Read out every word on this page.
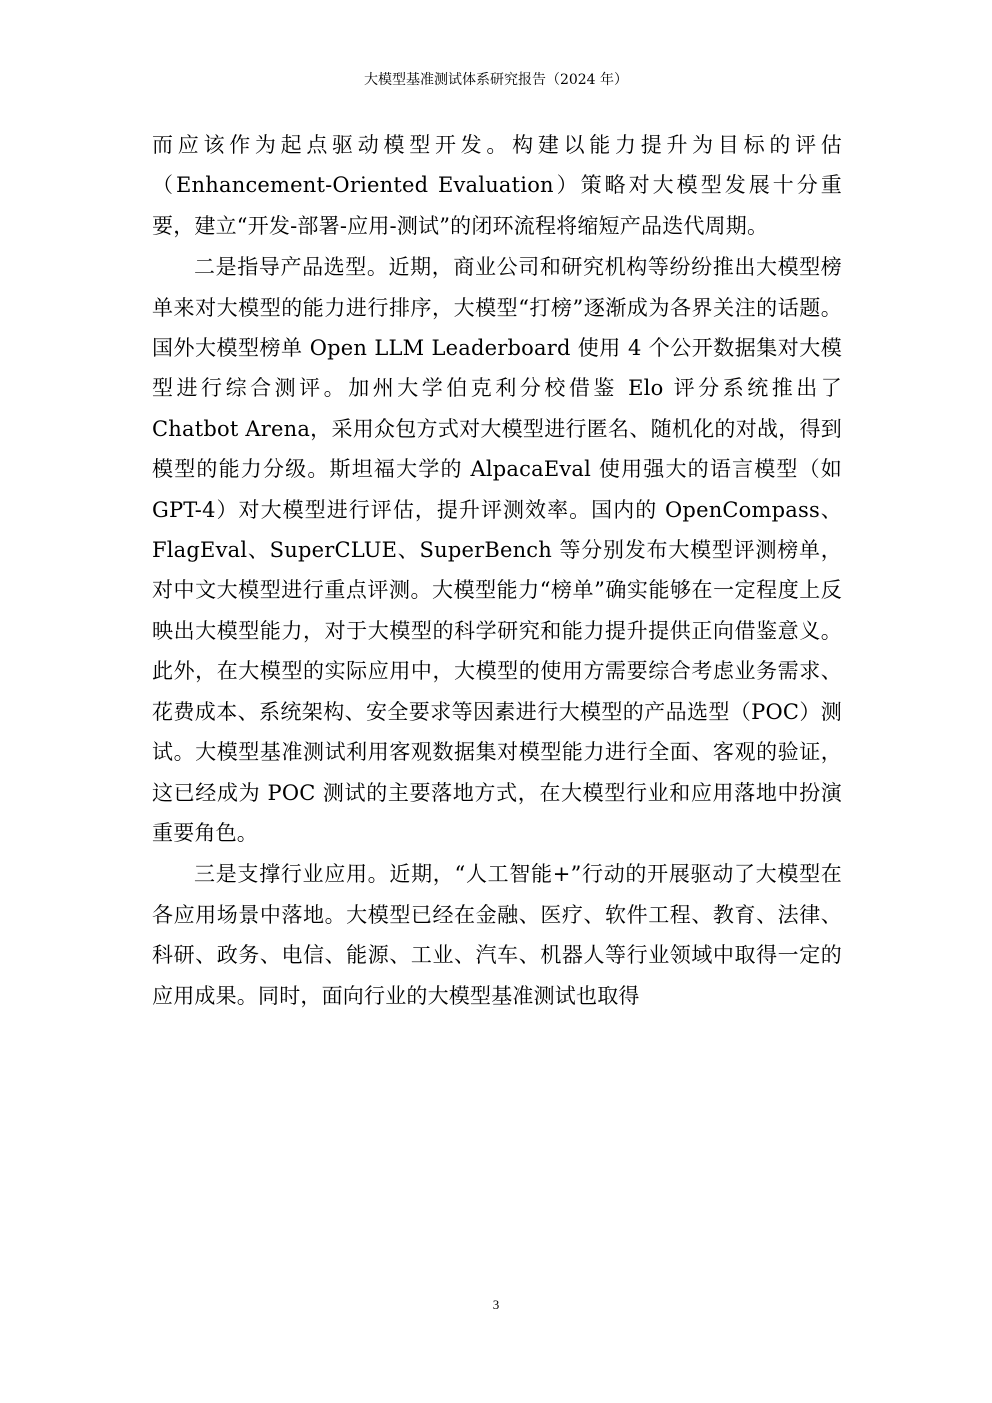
大模型基准测试体系研究报告（2024 年）

而应该作为起点驱动模型开发。构建以能力提升为目标的评估（Enhancement-Oriented Evaluation）策略对大模型发展十分重要，建立“开发-部署-应用-测试”的闭环流程将缩短产品迭代周期。

二是指导产品选型。近期，商业公司和研究机构等纷纷推出大模型榜单来对大模型的能力进行排序，大模型“打榜”逐渐成为各界关注的话题。国外大模型榜单 Open LLM Leaderboard 使用 4 个公开数据集对大模型进行综合测评。加州大学伯克利分校借鉴 Elo 评分系统推出了 Chatbot Arena，采用众包方式对大模型进行匿名、随机化的对战，得到模型的能力分级。斯坦福大学的 AlpacaEval 使用强大的语言模型（如 GPT-4）对大模型进行评估，提升评测效率。国内的 OpenCompass、FlagEval、SuperCLUE、SuperBench 等分别发布大模型评测榜单，对中文大模型进行重点评测。大模型能力“榜单”确实能够在一定程度上反映出大模型能力，对于大模型的科学研究和能力提升提供正向借鉴意义。此外，在大模型的实际应用中，大模型的使用方需要综合考虑业务需求、花费成本、系统架构、安全要求等因素进行大模型的产品选型（POC）测试。大模型基准测试利用客观数据集对模型能力进行全面、客观的验证，这已经成为 POC 测试的主要落地方式，在大模型行业和应用落地中扮演重要角色。

三是支撑行业应用。近期，“人工智能+”行动的开展驱动了大模型在各应用场景中落地。大模型已经在金融、医疗、软件工程、教育、法律、科研、政务、电信、能源、工业、汽车、机器人等行业领域中取得一定的应用成果。同时，面向行业的大模型基准测试也取得

3
